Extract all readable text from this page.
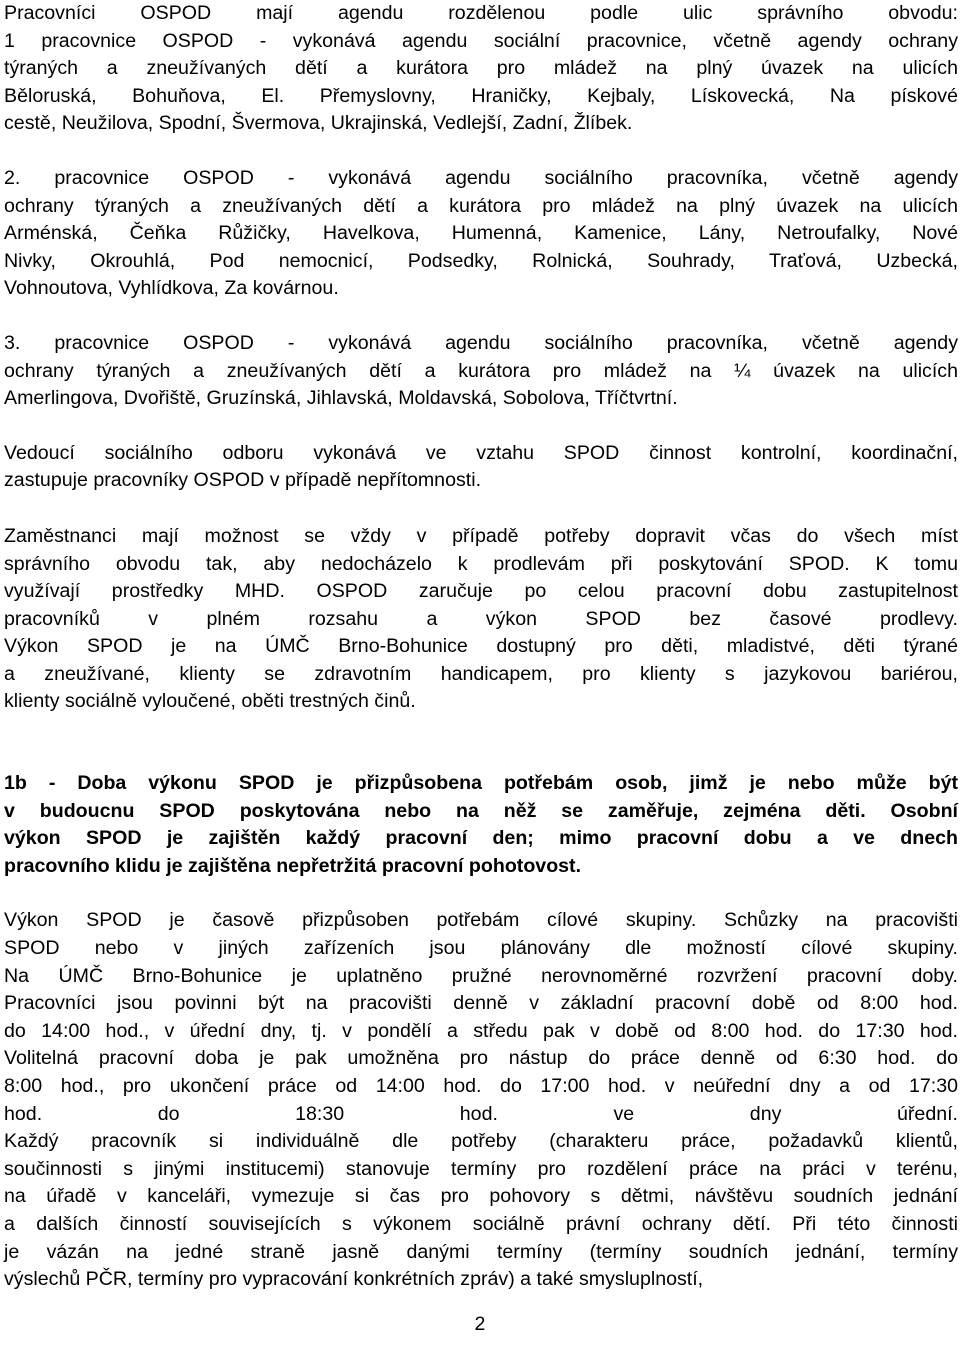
Pracovníci OSPOD mají agendu rozdělenou podle ulic správního obvodu:
1 pracovnice OSPOD - vykonává agendu sociální pracovnice, včetně agendy ochrany
týraných a zneužívaných dětí a kurátora pro mládež na plný úvazek na ulicích
Běloruská, Bohuňova, El. Přemyslovny, Hraničky, Kejbaly, Lískovecká, Na pískové
cestě, Neužilova, Spodní, Švermova, Ukrajinská, Vedlejší, Zadní, Žlíbek.

2. pracovnice OSPOD - vykonává agendu sociálního pracovníka, včetně agendy
ochrany týraných a zneužívaných dětí a kurátora pro mládež na plný úvazek na ulicích
Arménská, Čeňka Růžičky, Havelkova, Humenná, Kamenice, Lány, Netroufalky, Nové
Nivky, Okrouhlá, Pod nemocnicí, Podsedky, Rolnická, Souhrady, Traťová, Uzbecká,
Vohnoutova, Vyhlídkova, Za kovárnou.

3. pracovnice OSPOD - vykonává agendu sociálního pracovníka, včetně agendy
ochrany týraných a zneužívaných dětí a kurátora pro mládež na ¼ úvazek na ulicích
Amerlingova, Dvořiště, Gruzínská, Jihlavská, Moldavská, Sobolova, Tříčtvrtní.

Vedoucí sociálního odboru vykonává ve vztahu SPOD činnost kontrolní, koordinační,
zastupuje pracovníky OSPOD v případě nepřítomnosti.

Zaměstnanci mají možnost se vždy v případě potřeby dopravit včas do všech míst
správního obvodu tak, aby nedocházelo k prodlevám při poskytování SPOD. K tomu
využívají prostředky MHD. OSPOD zaručuje po celou pracovní dobu zastupitelnost
pracovníků v plném rozsahu a výkon SPOD bez časové prodlevy.
Výkon SPOD je na ÚMČ Brno-Bohunice dostupný pro děti, mladistvé, děti týrané
a zneužívané, klienty se zdravotním handicapem, pro klienty s jazykovou bariérou,
klienty sociálně vyloučené, oběti trestných činů.

1b - Doba výkonu SPOD je přizpůsobena potřebám osob, jimž je nebo může být
v budoucnu SPOD poskytována nebo na něž se zaměřuje, zejména děti. Osobní
výkon SPOD je zajištěn každý pracovní den; mimo pracovní dobu a ve dnech
pracovního klidu je zajištěna nepřetržitá pracovní pohotovost.

Výkon SPOD je časově přizpůsoben potřebám cílové skupiny. Schůzky na pracovišti
SPOD nebo v jiných zařízeních jsou plánovány dle možností cílové skupiny.
Na ÚMČ Brno-Bohunice je uplatněno pružné nerovnoměrné rozvržení pracovní doby.
Pracovníci jsou povinni být na pracovišti denně v základní pracovní době od 8:00 hod.
do 14:00 hod., v úřední dny, tj. v pondělí a středu pak v době od 8:00 hod. do 17:30 hod.
Volitelná pracovní doba je pak umožněna pro nástup do práce denně od 6:30 hod. do
8:00 hod., pro ukončení práce od 14:00 hod. do 17:00 hod. v neúřední dny a od 17:30
hod. do 18:30 hod. ve dny úřední.
Každý pracovník si individuálně dle potřeby (charakteru práce, požadavků klientů,
součinnosti s jinými institucemi) stanovuje termíny pro rozdělení práce na práci v terénu,
na úřadě v kanceláři, vymezuje si čas pro pohovory s dětmi, návštěvu soudních jednání
a dalších činností souvisejících s výkonem sociálně právní ochrany dětí. Při této činnosti
je vázán na jedné straně jasně danými termíny (termíny soudních jednání, termíny
výslechů PČR, termíny pro vypracování konkrétních zpráv) a také smysluplností,

2
